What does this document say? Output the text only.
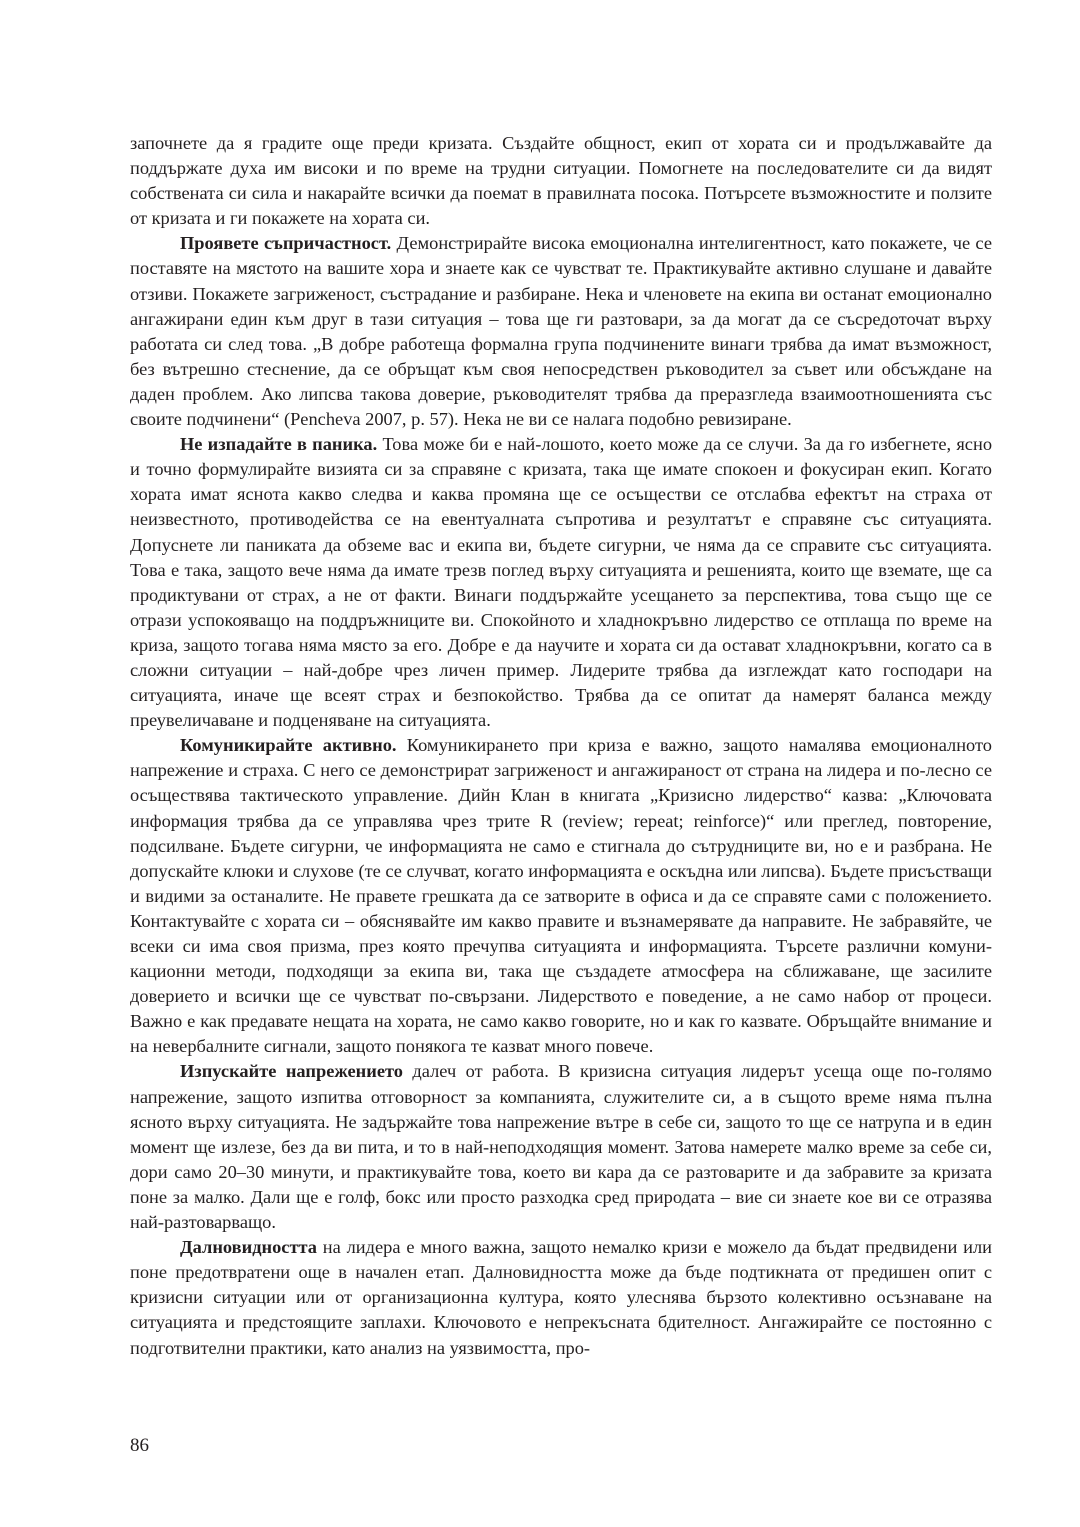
започнете да я градите още преди кризата. Създайте общност, екип от хората си и продължавайте да поддържате духа им високи и по време на трудни ситуации. Помогнете на последователите си да видят собствената си сила и накарайте всички да поемат в правилната посока. Потърсете възможностите и ползите от кризата и ги покажете на хората си.

Проявете съпричастност. Демонстрирайте висока емоционална интелигентност, като покажете, че се поставяте на мястото на вашите хора и знаете как се чувстват те. Практикувайте активно слушане и давайте отзиви. Покажете загриженост, състрадание и разбиране. Нека и членовете на екипа ви останат емоционално ангажирани един към друг в тази ситуация – това ще ги разтовари, за да могат да се съсредоточат върху работата си след това. „В добре работеща формална група подчинените винаги трябва да имат възможност, без вътрешно стеснение, да се обръщат към своя непосредствен ръководител за съвет или обсъждане на даден проблем. Ако липсва такова доверие, ръководителят трябва да преразгледа взаимоотношенията със своите подчинени“ (Pencheva 2007, p. 57). Нека не ви се налага подобно ревизиране.

Не изпадайте в паника. Това може би е най-лошото, което може да се случи. За да го избегнете, ясно и точно формулирайте визията си за справяне с кризата, така ще имате спокоен и фокусиран екип. Когато хората имат яснота какво следва и каква промяна ще се осъществи се отслабва ефектът на страха от неизвестното, противодейства се на евентуалната съпротива и резултатът е справяне със ситуацията. Допуснете ли паниката да обземе вас и екипа ви, бъдете сигурни, че няма да се справите със ситуацията. Това е така, защото вече няма да имате трезв поглед върху ситуацията и решенията, които ще вземате, ще са продиктувани от страх, а не от факти. Винаги поддържайте усещането за перспектива, това също ще се отрази успокояващо на поддръжниците ви. Спокойното и хладнокръвно лидерство се отплаща по време на криза, защото тогава няма място за его. Добре е да научите и хората си да остават хладнокръвни, когато са в сложни ситуации – най-добре чрез личен пример. Лидерите трябва да изглеждат като господари на ситуацията, иначе ще всеят страх и безпокойство. Трябва да се опитат да намерят баланса между преувеличаване и подценяване на ситуацията.

Комуникирайте активно. Комуникирането при криза е важно, защото намалява емоционалното напрежение и страха. С него се демонстрират загриженост и ангажираност от страна на лидера и по-лесно се осъществява тактическото управление. Дийн Клан в книгата „Кризисно лидерство“ казва: „Ключовата информация трябва да се управлява чрез трите R (review; repeat; reinforce)“ или преглед, повторение, подсилване. Бъдете сигурни, че информацията не само е стигнала до сътрудниците ви, но е и разбрана. Не допускайте клюки и слухове (те се случват, когато информацията е оскъдна или липсва). Бъдете присъстващи и видими за останалите. Не правете грешката да се затворите в офиса и да се справяте сами с положението. Контактувайте с хората си – обяснявайте им какво правите и възнамерявате да направите. Не забравяйте, че всеки си има своя призма, през която пречупва ситуацията и информацията. Търсете различни комуникационни методи, подходящи за екипа ви, така ще създадете атмосфера на сближаване, ще засилите доверието и всички ще се чувстват по-свързани. Лидерството е поведение, а не само набор от процеси. Важно е как предавате нещата на хората, не само какво говорите, но и как го казвате. Обръщайте внимание и на невербалните сигнали, защото понякога те казват много повече.

Изпускайте напрежението далеч от работа. В кризисна ситуация лидерът усеща още по-голямо напрежение, защото изпитва отговорност за компанията, служителите си, а в същото време няма пълна ясното върху ситуацията. Не задържайте това напрежение вътре в себе си, защото то ще се натрупа и в един момент ще излезе, без да ви пита, и то в най-неподходящия момент. Затова намерете малко време за себе си, дори само 20–30 минути, и практикувайте това, което ви кара да се разтоварите и да забравите за кризата поне за малко. Дали ще е голф, бокс или просто разходка сред природата – вие си знаете кое ви се отразява най-разтоварващо.

Далновидността на лидера е много важна, защото немалко кризи е можело да бъдат предвидени или поне предотвратени още в начален етап. Далновидността може да бъде подтикната от предишен опит с кризисни ситуации или от организационна култура, която улеснява бързото колективно осъзнаване на ситуацията и предстоящите заплахи. Ключовото е непрекъсната бдителност. Ангажирайте се постоянно с подготвителни практики, като анализ на уязвимостта, про-

86
